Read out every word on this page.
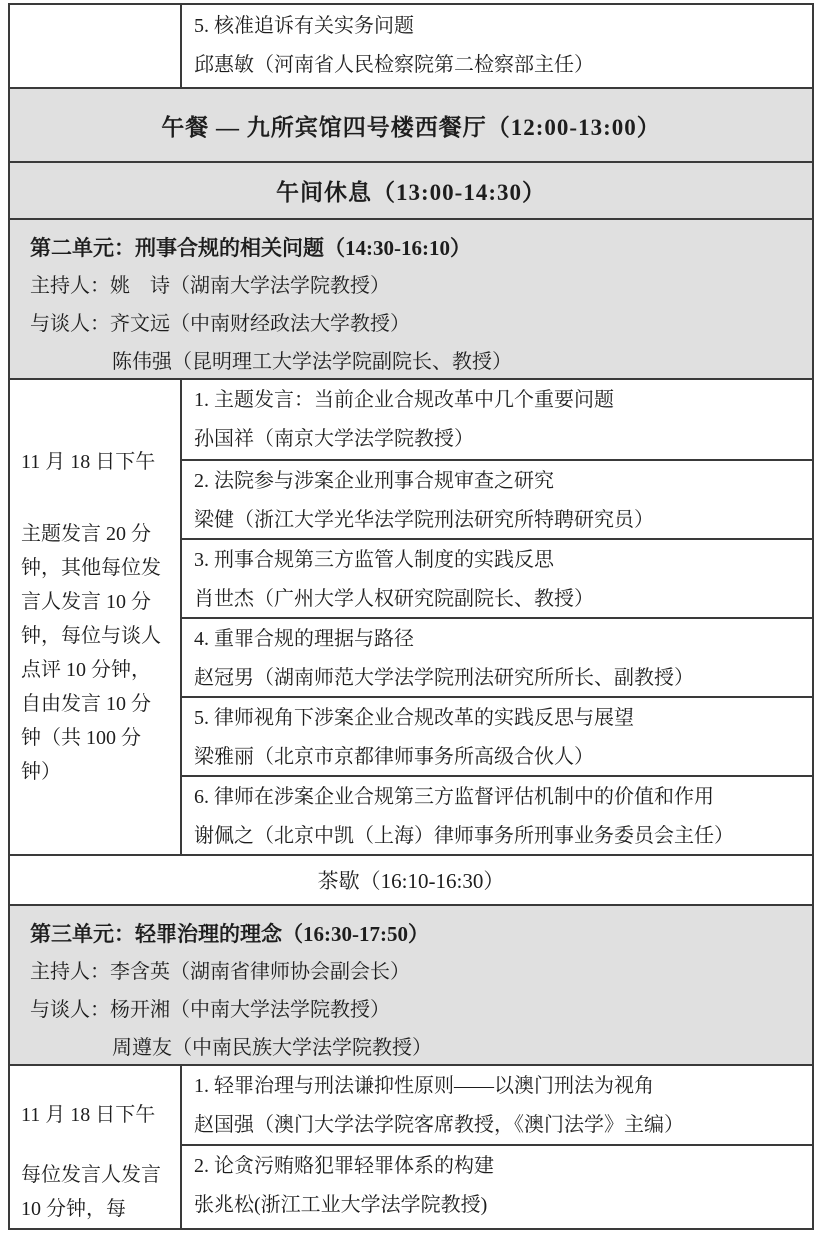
5. 核准追诉有关实务问题
邱惠敏（河南省人民检察院第二检察部主任）
午餐 — 九所宾馆四号楼西餐厅（12:00-13:00）
午间休息（13:00-14:30）
第二单元：刑事合规的相关问题（14:30-16:10）
主持人：姚　诗（湖南大学法学院教授）
与谈人：齐文远（中南财经政法大学教授）
陈伟强（昆明理工大学法学院副院长、教授）
11 月 18 日下午
主题发言 20 分钟，其他每位发言人发言 10 分钟，每位与谈人点评 10 分钟，自由发言 10 分钟（共 100 分钟）
1. 主题发言：当前企业合规改革中几个重要问题
孙国祥（南京大学法学院教授）
2. 法院参与涉案企业刑事合规审查之研究
梁健（浙江大学光华法学院刑法研究所特聘研究员）
3. 刑事合规第三方监管人制度的实践反思
肖世杰（广州大学人权研究院副院长、教授）
4. 重罪合规的理据与路径
赵冠男（湖南师范大学法学院刑法研究所所长、副教授）
5. 律师视角下涉案企业合规改革的实践反思与展望
梁雅丽（北京市京都律师事务所高级合伙人）
6. 律师在涉案企业合规第三方监督评估机制中的价值和作用
谢佩之（北京中凯（上海）律师事务所刑事业务委员会主任）
茶歇（16:10-16:30）
第三单元：轻罪治理的理念（16:30-17:50）
主持人：李含英（湖南省律师协会副会长）
与谈人：杨开湘（中南大学法学院教授）
周遵友（中南民族大学法学院教授）
11 月 18 日下午
每位发言人发言 10 分钟，每
1. 轻罪治理与刑法谦抑性原则——以澳门刑法为视角
赵国强（澳门大学法学院客席教授，《澳门法学》主编）
2. 论贪污贿赂犯罪轻罪体系的构建
张兆松(浙江工业大学法学院教授)
